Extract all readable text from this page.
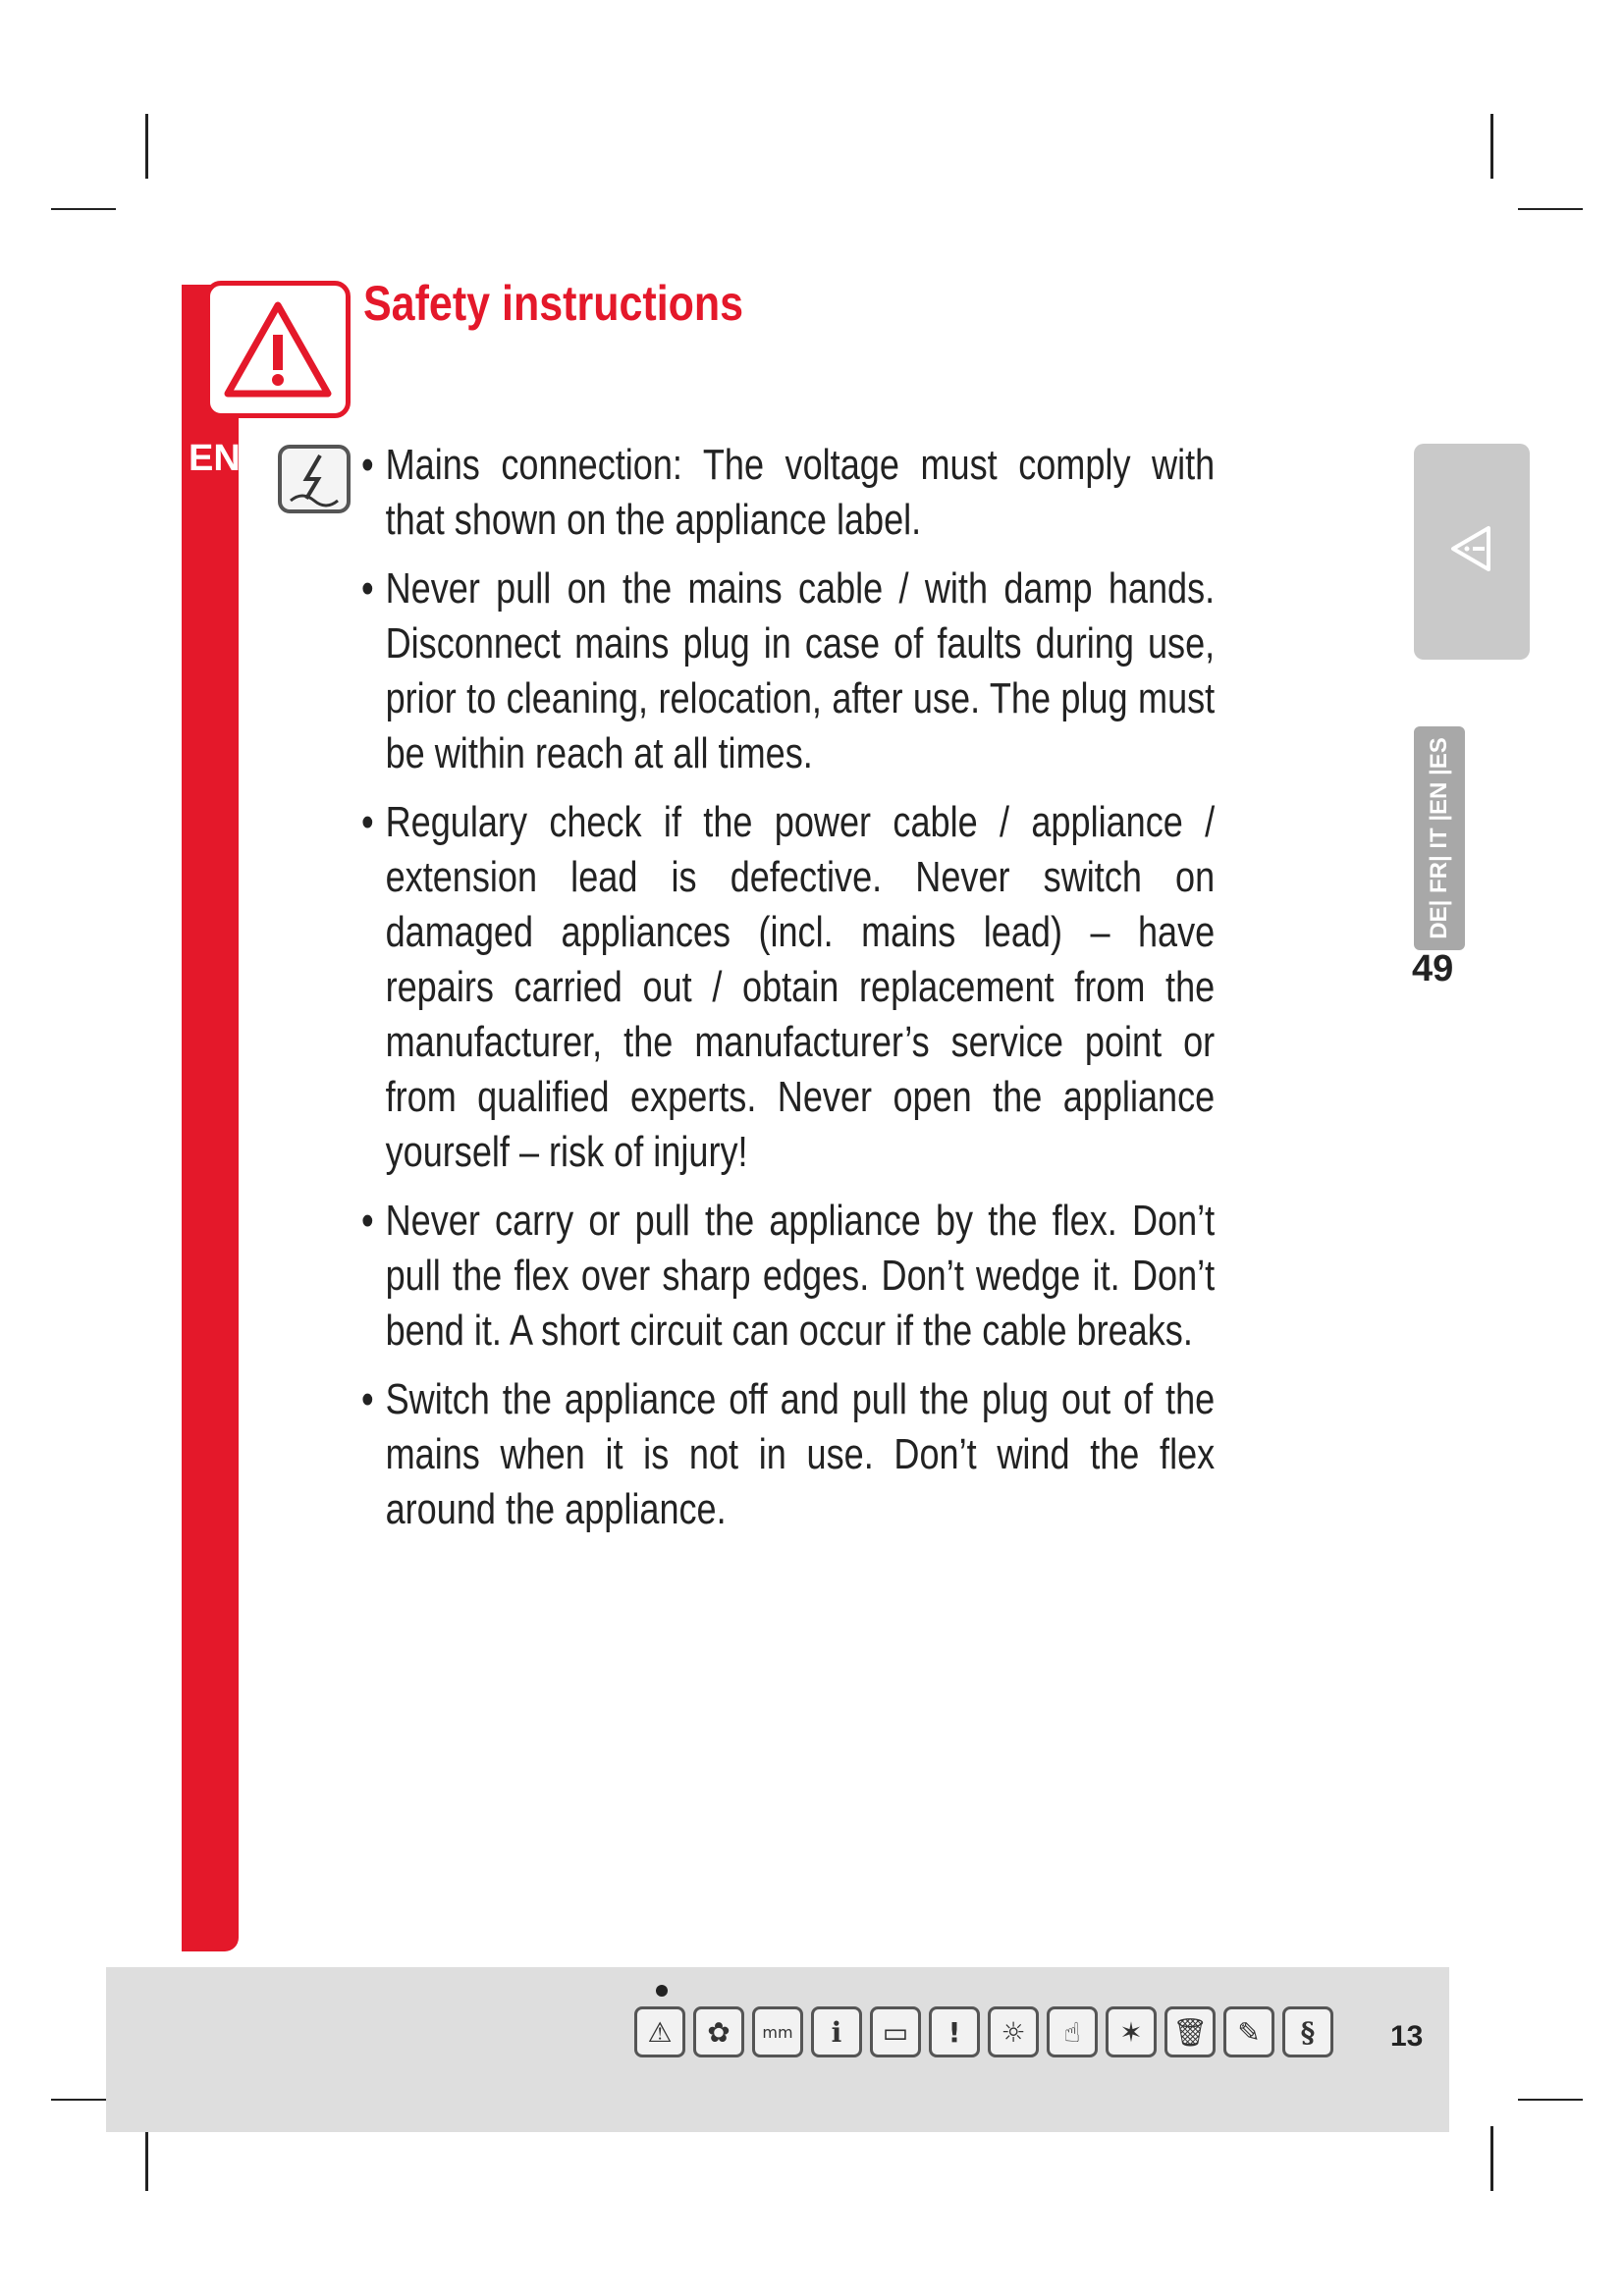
Safety instructions
EN
•	Mains connection: The voltage must comply with that shown on the appliance label.
• Never pull on the mains cable / with damp hands. Disconnect mains plug in case of faults during use, prior to cleaning, relocation, after use. The plug must be within reach at all times.
• Regulary check if the power cable / appliance / extension lead is defective. Never switch on damaged appliances (incl. mains lead) – have repairs carried out / obtain replacement from the manufacturer, the manufacturer’s service point or from qualified experts. Never open the appliance yourself – risk of injury!
• Never carry or pull the appliance by the flex. Don’t pull the flex over sharp edges. Don’t wedge it. Don’t bend it. A short circuit can occur if the cable breaks.
• Switch the appliance off and pull the plug out of the mains when it is not in use. Don’t wind the flex around the appliance.
DE| FR| IT |EN |ES
49
⚠	✿	mm	i	▭	!	☼	☝	✶	🗑	✎	§	13
